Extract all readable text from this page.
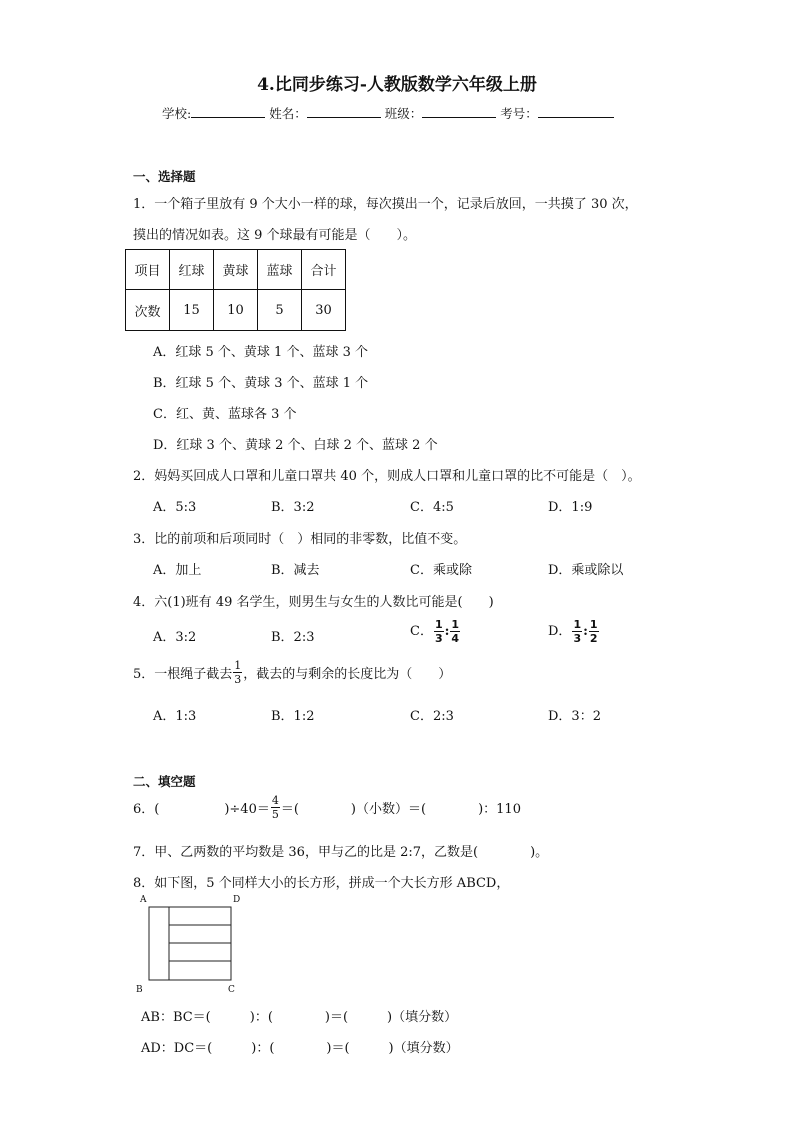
4.比同步练习-人教版数学六年级上册
学校:	姓名：	班级：	考号：
一、选择题
1．一个箱子里放有 9 个大小一样的球，每次摸出一个，记录后放回，一共摸了 30 次，
摸出的情况如表。这 9 个球最有可能是（　　）。
项目	红球	黄球	蓝球	合计
次数	15	10	5	30
A．红球 5 个、黄球 1 个、蓝球 3 个
B．红球 5 个、黄球 3 个、蓝球 1 个
C．红、黄、蓝球各 3 个
D．红球 3 个、黄球 2 个、白球 2 个、蓝球 2 个
2．妈妈买回成人口罩和儿童口罩共 40 个，则成人口罩和儿童口罩的比不可能是（　）。
A．5:3	B．3:2	C．4:5	D．1:9
3．比的前项和后项同时（　）相同的非零数，比值不变。
A．加上	B．减去	C．乘或除	D．乘或除以
4．六(1)班有 49 名学生，则男生与女生的人数比可能是(　　)
A．3:2	B．2:3	C． $\frac{1}{3}$ : $\frac{1}{4}$	D． $\frac{1}{3}$ : $\frac{1}{2}$
5．一根绳子截去 $\frac{1}{3}$ ，截去的与剩余的长度比为（　　）
A．1:3	B．1:2	C．2:3	D．3：2
二、填空题
6．(　　　　　)$\div 40= \frac{4}{5}$ ＝(　　　　)（小数）＝(　　　　)：110
7．甲、乙两数的平均数是 36，甲与乙的比是 2:7，乙数是(　　　　)。
8．如下图，5 个同样大小的长方形，拼成一个大长方形 ABCD，
A	D
B	C
AB：BC＝(　　　)：(　　　　)＝(　　　)（填分数）
AD：DC＝(　　　)：(　　　　)＝(　　　)（填分数）
